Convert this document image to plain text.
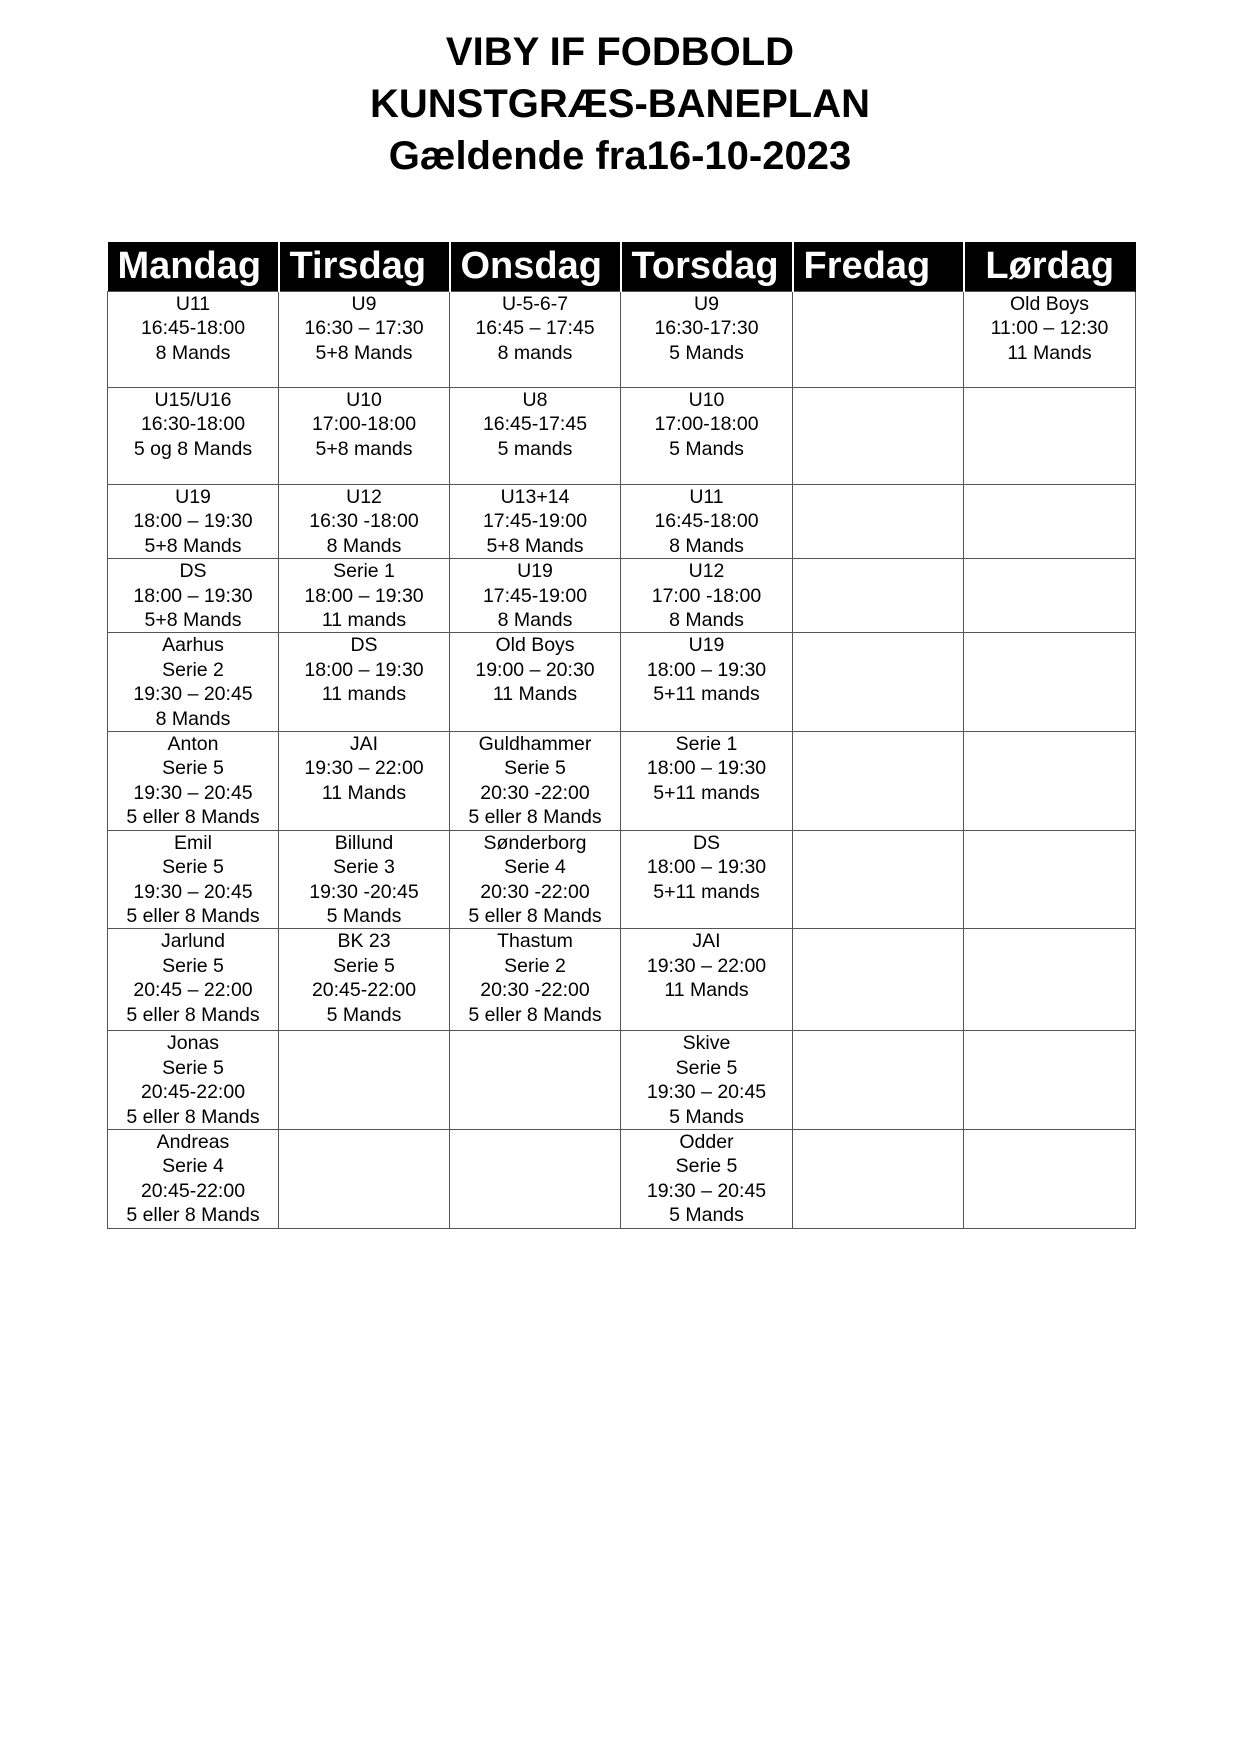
VIBY IF FODBOLD

KUNSTGRÆS-BANEPLAN

Gældende fra16-10-2023

Mandag	Tirsdag	Onsdag	Torsdag	Fredag	Lørdag

U11
16:45-18:00
8 Mands	U9
16:30 – 17:30
5+8 Mands	U-5-6-7
16:45 – 17:45
8 mands	U9
16:30-17:30
5 Mands		Old Boys
11:00 – 12:30
11 Mands

U15/U16
16:30-18:00
5 og 8 Mands	U10
17:00-18:00
5+8 mands	U8
16:45-17:45
5 mands	U10
17:00-18:00
5 Mands		

U19
18:00 – 19:30
5+8 Mands	U12
16:30 -18:00
8 Mands	U13+14
17:45-19:00
5+8 Mands	U11
16:45-18:00
8 Mands		

DS
18:00 – 19:30
5+8 Mands	Serie 1
18:00 – 19:30
11 mands	U19
17:45-19:00
8 Mands	U12
17:00 -18:00
8 Mands		

Aarhus
Serie 2
19:30 – 20:45
8 Mands	DS
18:00 – 19:30
11 mands	Old Boys
19:00 – 20:30
11 Mands	U19
18:00 – 19:30
5+11 mands		

Anton
Serie 5
19:30 – 20:45
5 eller 8 Mands	JAI
19:30 – 22:00
11 Mands	Guldhammer
Serie 5
20:30 -22:00
5 eller 8 Mands	Serie 1
18:00 – 19:30
5+11 mands		

Emil
Serie 5
19:30 – 20:45
5 eller 8 Mands	Billund
Serie 3
19:30 -20:45
5 Mands	Sønderborg
Serie 4
20:30 -22:00
5 eller 8 Mands	DS
18:00 – 19:30
5+11 mands		

Jarlund
Serie 5
20:45 – 22:00
5 eller 8 Mands	BK 23
Serie 5
20:45-22:00
5 Mands	Thastum
Serie 2
20:30 -22:00
5 eller 8 Mands	JAI
19:30 – 22:00
11 Mands		

Jonas
Serie 5
20:45-22:00
5 eller 8 Mands			Skive
Serie 5
19:30 – 20:45
5 Mands		

Andreas
Serie 4
20:45-22:00
5 eller 8 Mands			Odder
Serie 5
19:30 – 20:45
5 Mands		
